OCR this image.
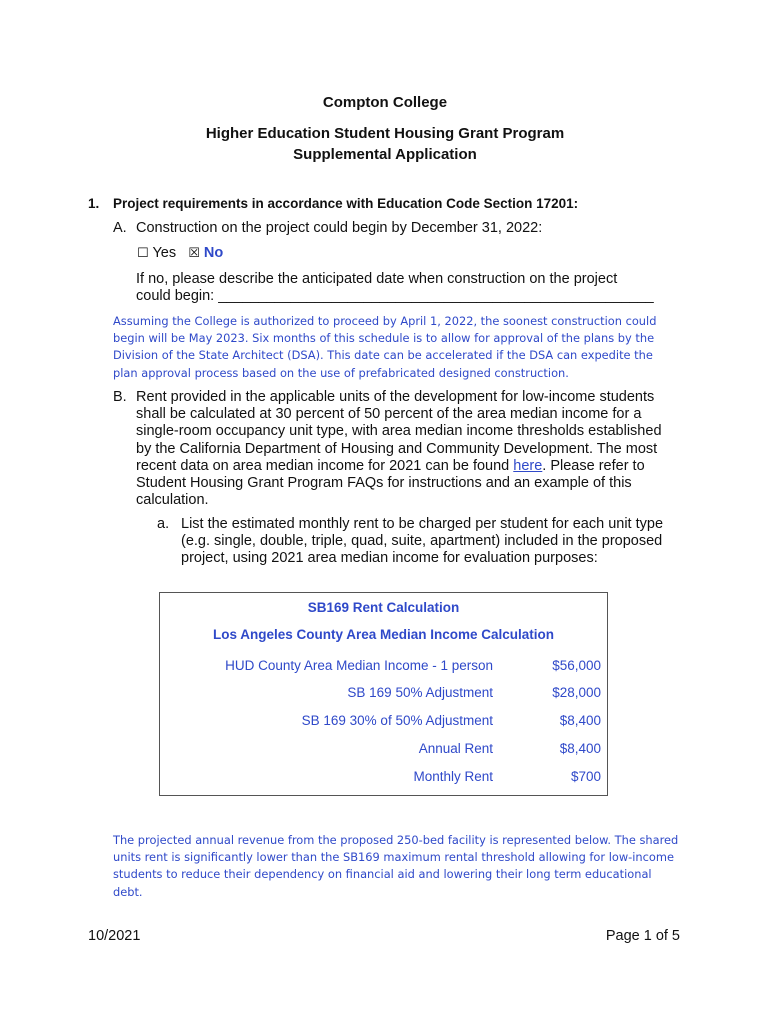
Compton College
Higher Education Student Housing Grant Program
Supplemental Application
1. Project requirements in accordance with Education Code Section 17201:
A. Construction on the project could begin by December 31, 2022:
☐ Yes ☒ No
If no, please describe the anticipated date when construction on the project
could begin: ______________________________________________________
Assuming the College is authorized to proceed by April 1, 2022, the soonest construction could begin will be May 2023. Six months of this schedule is to allow for approval of the plans by the Division of the State Architect (DSA). This date can be accelerated if the DSA can expedite the plan approval process based on the use of prefabricated designed construction.
B. Rent provided in the applicable units of the development for low-income students shall be calculated at 30 percent of 50 percent of the area median income for a single-room occupancy unit type, with area median income thresholds established by the California Department of Housing and Community Development. The most recent data on area median income for 2021 can be found here. Please refer to Student Housing Grant Program FAQs for instructions and an example of this calculation.
a. List the estimated monthly rent to be charged per student for each unit type (e.g. single, double, triple, quad, suite, apartment) included in the proposed project, using 2021 area median income for evaluation purposes:
SB169 Rent Calculation
Los Angeles County Area Median Income Calculation
HUD County Area Median Income - 1 person	$56,000
SB 169 50% Adjustment	$28,000
SB 169 30% of 50% Adjustment	$8,400
Annual Rent	$8,400
Monthly Rent	$700
The projected annual revenue from the proposed 250-bed facility is represented below. The shared units rent is significantly lower than the SB169 maximum rental threshold allowing for low-income students to reduce their dependency on financial aid and lowering their long term educational debt.
10/2021	Page 1 of 5
